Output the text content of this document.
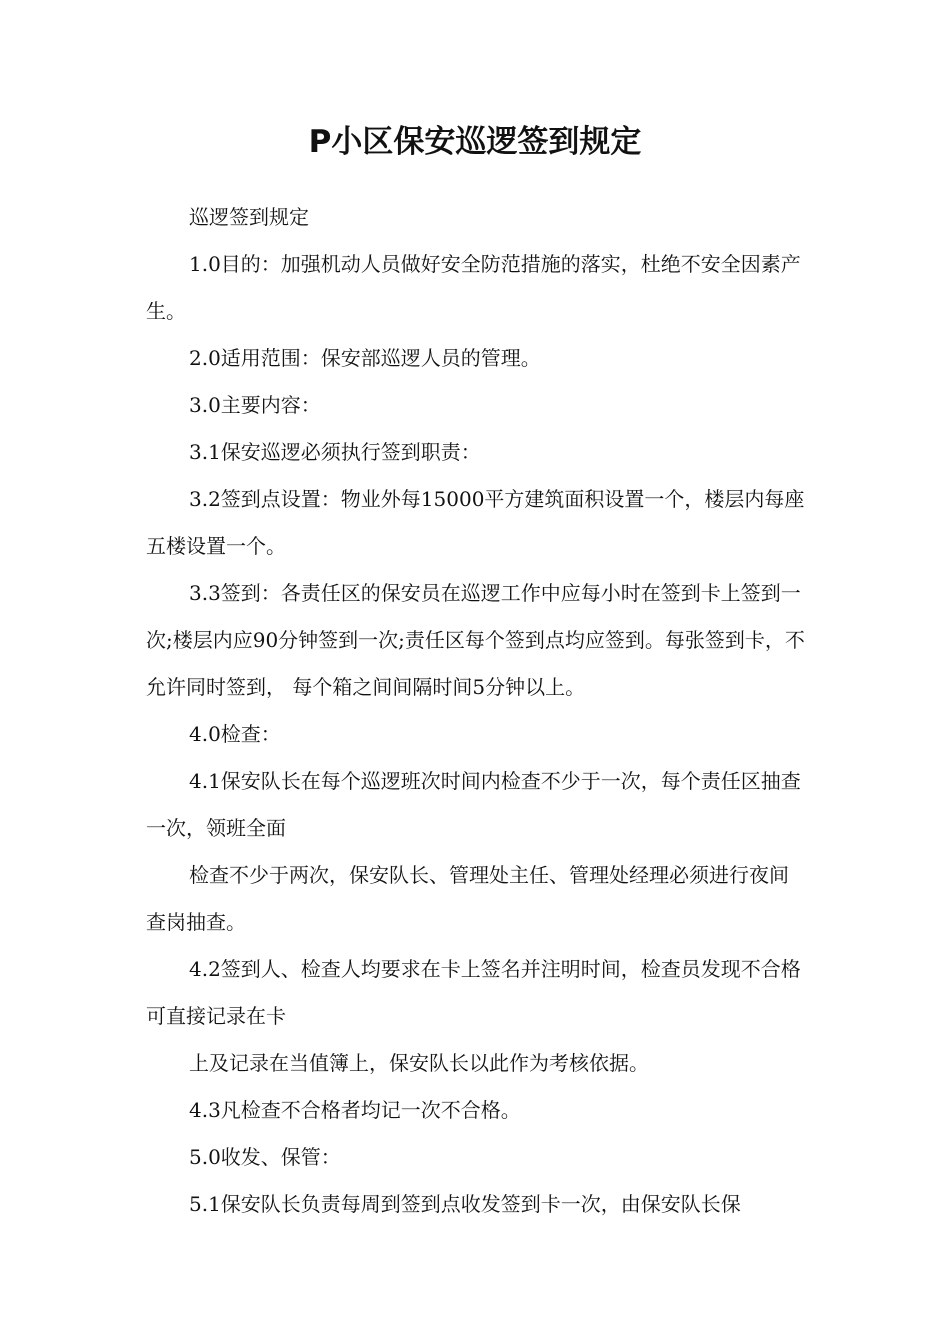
P小区保安巡逻签到规定

巡逻签到规定

1.0目的：加强机动人员做好安全防范措施的落实，杜绝不安全因素产生。

2.0适用范围：保安部巡逻人员的管理。

3.0主要内容：

3.1保安巡逻必须执行签到职责：

3.2签到点设置：物业外每15000平方建筑面积设置一个，楼层内每座五楼设置一个。

3.3签到：各责任区的保安员在巡逻工作中应每小时在签到卡上签到一次;楼层内应90分钟签到一次;责任区每个签到点均应签到。每张签到卡，不允许同时签到， 每个箱之间间隔时间5分钟以上。

4.0检查：

4.1保安队长在每个巡逻班次时间内检查不少于一次，每个责任区抽查一次，领班全面

检查不少于两次，保安队长、管理处主任、管理处经理必须进行夜间查岗抽查。

4.2签到人、检查人均要求在卡上签名并注明时间，检查员发现不合格可直接记录在卡

上及记录在当值簿上，保安队长以此作为考核依据。

4.3凡检查不合格者均记一次不合格。

5.0收发、保管：

5.1保安队长负责每周到签到点收发签到卡一次，由保安队长保
